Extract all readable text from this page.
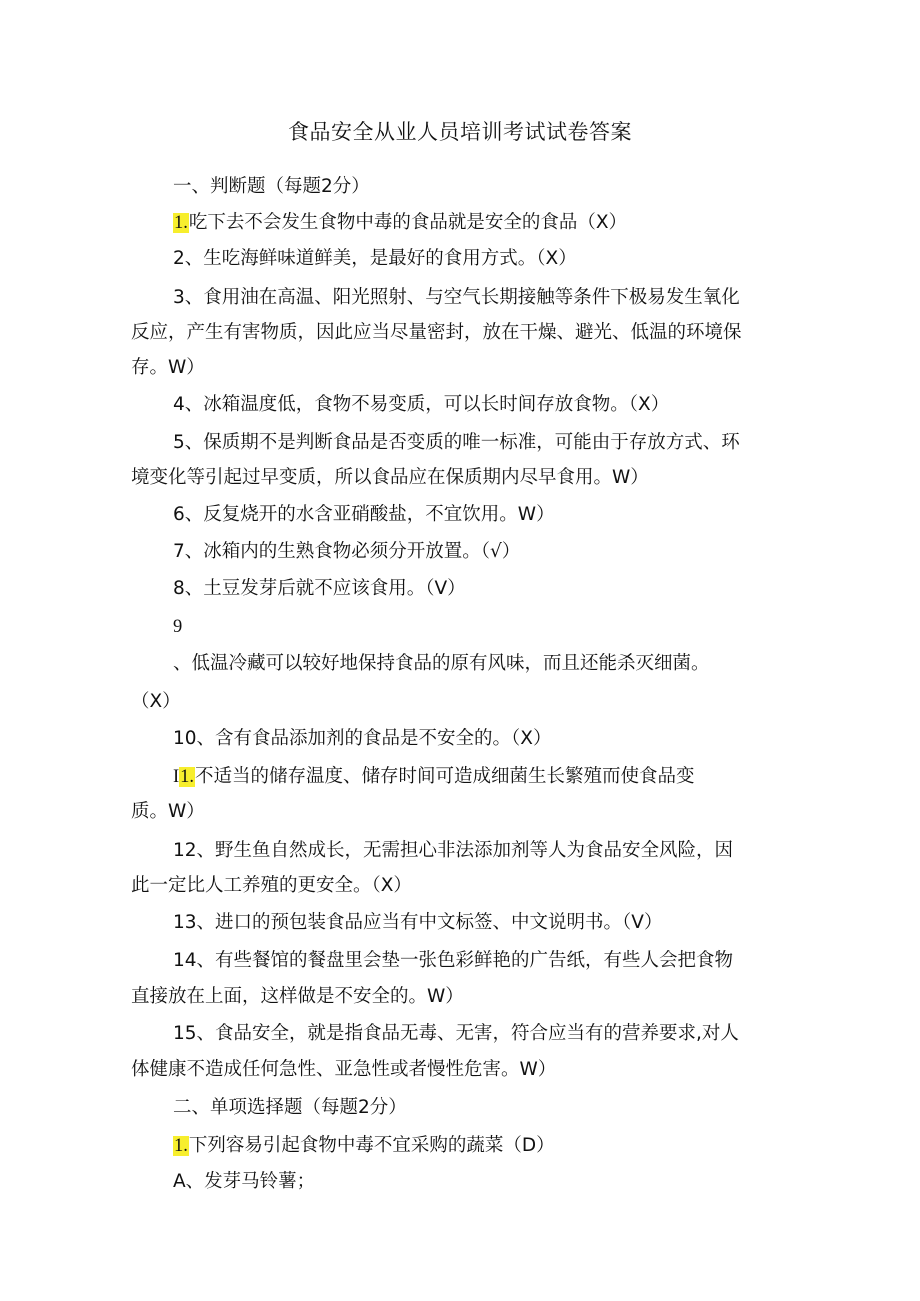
食品安全从业人员培训考试试卷答案
一、判断题（每题2分）
1.吃下去不会发生食物中毒的食品就是安全的食品（X）
2、生吃海鲜味道鲜美，是最好的食用方式。（X）
3、食用油在高温、阳光照射、与空气长期接触等条件下极易发生氧化
反应，产生有害物质，因此应当尽量密封，放在干燥、避光、低温的环境保
存。W）
4、冰箱温度低，食物不易变质，可以长时间存放食物。（X）
5、保质期不是判断食品是否变质的唯一标准，可能由于存放方式、环
境变化等引起过早变质，所以食品应在保质期内尽早食用。W）
6、反复烧开的水含亚硝酸盐，不宜饮用。W）
7、冰箱内的生熟食物必须分开放置。（√）
8、土豆发芽后就不应该食用。（V）
9
、低温冷藏可以较好地保持食品的原有风味，而且还能杀灭细菌。
（X）
10、含有食品添加剂的食品是不安全的。（X）
I1.不适当的储存温度、储存时间可造成细菌生长繁殖而使食品变
质。W）
12、野生鱼自然成长，无需担心非法添加剂等人为食品安全风险，因
此一定比人工养殖的更安全。（X）
13、进口的预包装食品应当有中文标签、中文说明书。（V）
14、有些餐馆的餐盘里会垫一张色彩鲜艳的广告纸，有些人会把食物
直接放在上面，这样做是不安全的。W）
15、食品安全，就是指食品无毒、无害，符合应当有的营养要求,对人
体健康不造成任何急性、亚急性或者慢性危害。W）
二、单项选择题（每题2分）
1.下列容易引起食物中毒不宜采购的蔬菜（D）
A、发芽马铃薯；
